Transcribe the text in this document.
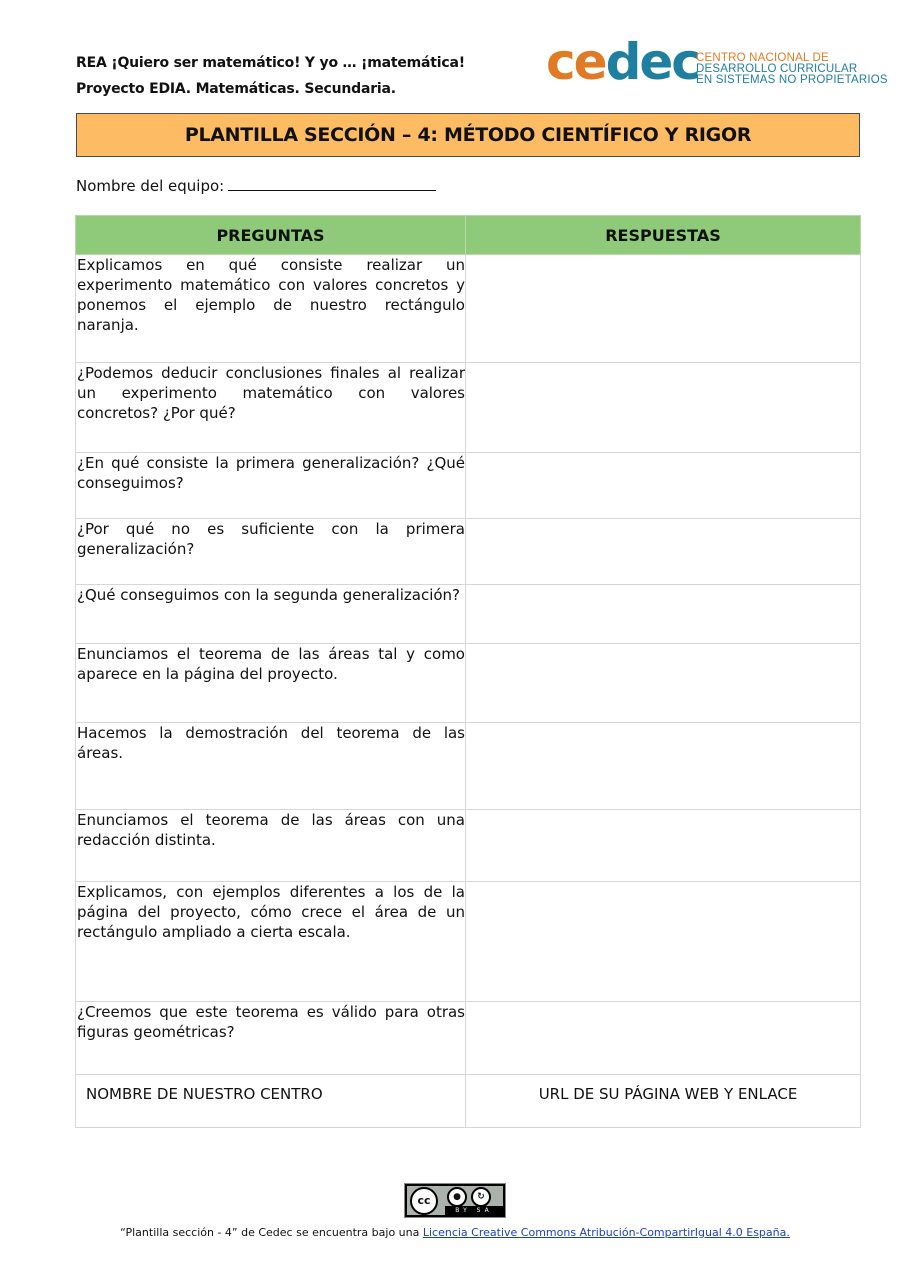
REA ¡Quiero ser matemático! Y yo … ¡matemática!
Proyecto EDIA. Matemáticas. Secundaria.	cedec
CENTRO NACIONAL DE
DESARROLLO CURRICULAR
EN SISTEMAS NO PROPIETARIOS
PLANTILLA SECCIÓN – 4: MÉTODO CIENTÍFICO Y RIGOR
Nombre del equipo:
PREGUNTAS	RESPUESTAS
Explicamos en qué consiste realizar un experimento matemático con valores concretos y ponemos el ejemplo de nuestro rectángulo naranja.	
¿Podemos deducir conclusiones finales al realizar un experimento matemático con valores concretos? ¿Por qué?	
¿En qué consiste la primera generalización? ¿Qué conseguimos?	
¿Por qué no es suficiente con la primera generalización?	
¿Qué conseguimos con la segunda generalización?	
Enunciamos el teorema de las áreas tal y como aparece en la página del proyecto.	
Hacemos la demostración del teorema de las áreas.	
Enunciamos el teorema de las áreas con una redacción distinta.	
Explicamos, con ejemplos diferentes a los de la página del proyecto, cómo crece el área de un rectángulo ampliado a cierta escala.	
¿Creemos que este teorema es válido para otras figuras geométricas?	
NOMBRE DE NUESTRO CENTRO	URL DE SU PÁGINA WEB Y ENLACE
cc	●	↻
BY SA
“Plantilla sección - 4” de Cedec se encuentra bajo una Licencia Creative Commons Atribución-CompartirIgual 4.0 España.
